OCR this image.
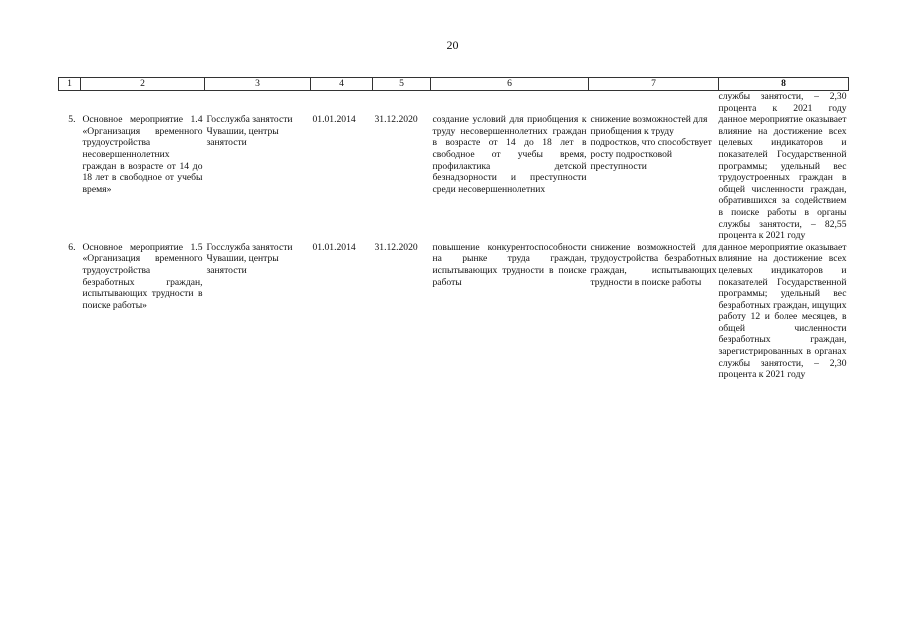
20
1	2	3	4	5	6	7	8
							службы занятости, – 2,30 процента к 2021 году
5.	Основное мероприятие 1.4 «Организация временного трудоустройства несовершеннолетних граждан в возрасте от 14 до 18 лет в свободное от учебы время»	Госслужба занятости Чувашии, центры занятости	01.01.2014	31.12.2020	создание условий для приобщения к труду несовершеннолетних граждан в возрасте от 14 до 18 лет в свободное от учебы время, профилактика детской безнадзорности и преступности среди несовершеннолетних	снижение возможностей для приобщения к труду подростков, что способствует росту подростковой преступности	данное мероприятие оказывает влияние на достижение всех целевых индикаторов и показателей Государственной программы; удельный вес трудоустроенных граждан в общей численности граждан, обратившихся за содействием в поиске работы в органы службы занятости, – 82,55 процента к 2021 году
6.	Основное мероприятие 1.5 «Организация временного трудоустройства безработных граждан, испытывающих трудности в поиске работы»	Госслужба занятости Чувашии, центры занятости	01.01.2014	31.12.2020	повышение конкурентоспособности на рынке труда граждан, испытывающих трудности в поиске работы	снижение возможностей для трудоустройства безработных граждан, испытывающих трудности в поиске работы	данное мероприятие оказывает влияние на достижение всех целевых индикаторов и показателей Государственной программы; удельный вес безработных граждан, ищущих работу 12 и более месяцев, в общей численности безработных граждан, зарегистрированных в органах службы занятости, – 2,30 процента к 2021 году
